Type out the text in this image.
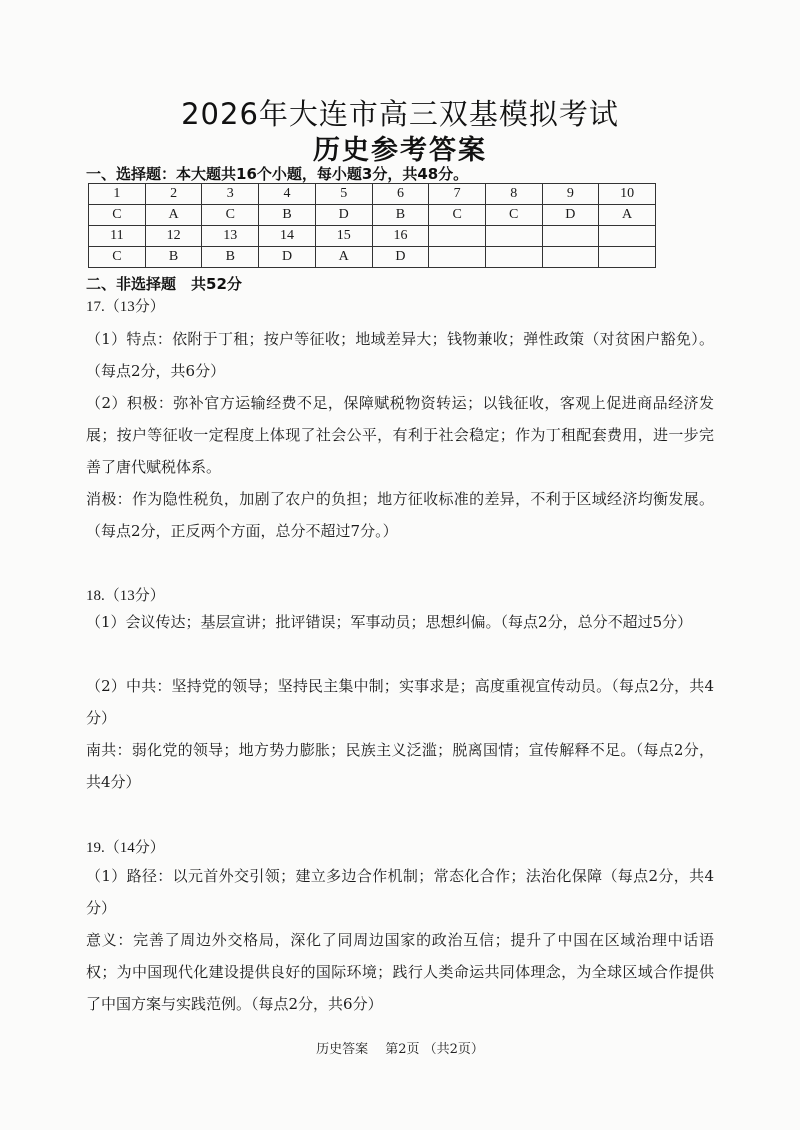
2026年大连市高三双基模拟考试
历史参考答案
一、选择题：本大题共16个小题，每小题3分，共48分。
1	2	3	4	5	6	7	8	9	10
C	A	C	B	D	B	C	C	D	A
11	12	13	14	15	16				
C	B	B	D	A	D				
二、非选择题　共52分
17.（13分）
（1）特点：依附于丁租；按户等征收；地域差异大；钱物兼收；弹性政策（对贫困户豁免）。（每点2分，共6分）
（2）积极：弥补官方运输经费不足，保障赋税物资转运；以钱征收，客观上促进商品经济发展；按户等征收一定程度上体现了社会公平，有利于社会稳定；作为丁租配套费用，进一步完善了唐代赋税体系。
消极：作为隐性税负，加剧了农户的负担；地方征收标准的差异，不利于区域经济均衡发展。（每点2分，正反两个方面，总分不超过7分。）
18.（13分）
（1）会议传达；基层宣讲；批评错误；军事动员；思想纠偏。（每点2分，总分不超过5分）
（2）中共：坚持党的领导；坚持民主集中制；实事求是；高度重视宣传动员。（每点2分，共4分）
南共：弱化党的领导；地方势力膨胀；民族主义泛滥；脱离国情；宣传解释不足。（每点2分，共4分）
19.（14分）
（1）路径：以元首外交引领；建立多边合作机制；常态化合作；法治化保障（每点2分，共4分）
意义：完善了周边外交格局，深化了同周边国家的政治互信；提升了中国在区域治理中话语权；为中国现代化建设提供良好的国际环境；践行人类命运共同体理念，为全球区域合作提供了中国方案与实践范例。（每点2分，共6分）
历史答案　 第2页 （共2页）
